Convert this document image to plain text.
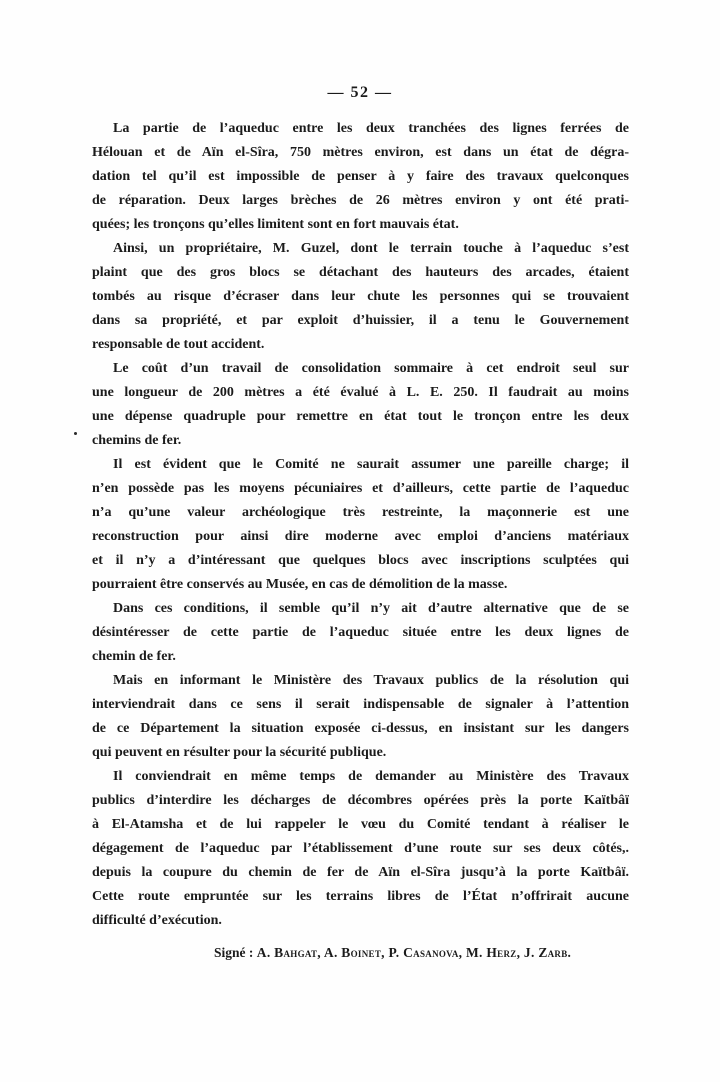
— 52 —

La partie de l’aqueduc entre les deux tranchées des lignes ferrées de
Hélouan et de Aïn el-Sîra, 750 mètres environ, est dans un état de dégra-
dation tel qu’il est impossible de penser à y faire des travaux quelconques
de réparation. Deux larges brèches de 26 mètres environ y ont été prati-
quées; les tronçons qu’elles limitent sont en fort mauvais état.

Ainsi, un propriétaire, M. Guzel, dont le terrain touche à l’aqueduc s’est
plaint que des gros blocs se détachant des hauteurs des arcades, étaient
tombés au risque d’écraser dans leur chute les personnes qui se trouvaient
dans sa propriété, et par exploit d’huissier, il a tenu le Gouvernement
responsable de tout accident.

Le coût d’un travail de consolidation sommaire à cet endroit seul sur
une longueur de 200 mètres a été évalué à L. E. 250. Il faudrait au moins
une dépense quadruple pour remettre en état tout le tronçon entre les deux
chemins de fer.

Il est évident que le Comité ne saurait assumer une pareille charge; il
n’en possède pas les moyens pécuniaires et d’ailleurs, cette partie de l’aqueduc
n’a qu’une valeur archéologique très restreinte, la maçonnerie est une
reconstruction pour ainsi dire moderne avec emploi d’anciens matériaux
et il n’y a d’intéressant que quelques blocs avec inscriptions sculptées qui
pourraient être conservés au Musée, en cas de démolition de la masse.

Dans ces conditions, il semble qu’il n’y ait d’autre alternative que de se
désintéresser de cette partie de l’aqueduc située entre les deux lignes de
chemin de fer.

Mais en informant le Ministère des Travaux publics de la résolution qui
interviendrait dans ce sens il serait indispensable de signaler à l’attention
de ce Département la situation exposée ci-dessus, en insistant sur les dangers
qui peuvent en résulter pour la sécurité publique.

Il conviendrait en même temps de demander au Ministère des Travaux
publics d’interdire les décharges de décombres opérées près la porte Kaïtbâï
à El-Atamsha et de lui rappeler le vœu du Comité tendant à réaliser le
dégagement de l’aqueduc par l’établissement d’une route sur ses deux côtés,.
depuis la coupure du chemin de fer de Aïn el-Sîra jusqu’à la porte Kaïtbâï.
Cette route empruntée sur les terrains libres de l’État n’offrirait aucune
difficulté d’exécution.

Signé : A. Bahgat, A. Boinet, P. Casanova, M. Herz, J. Zarb.
